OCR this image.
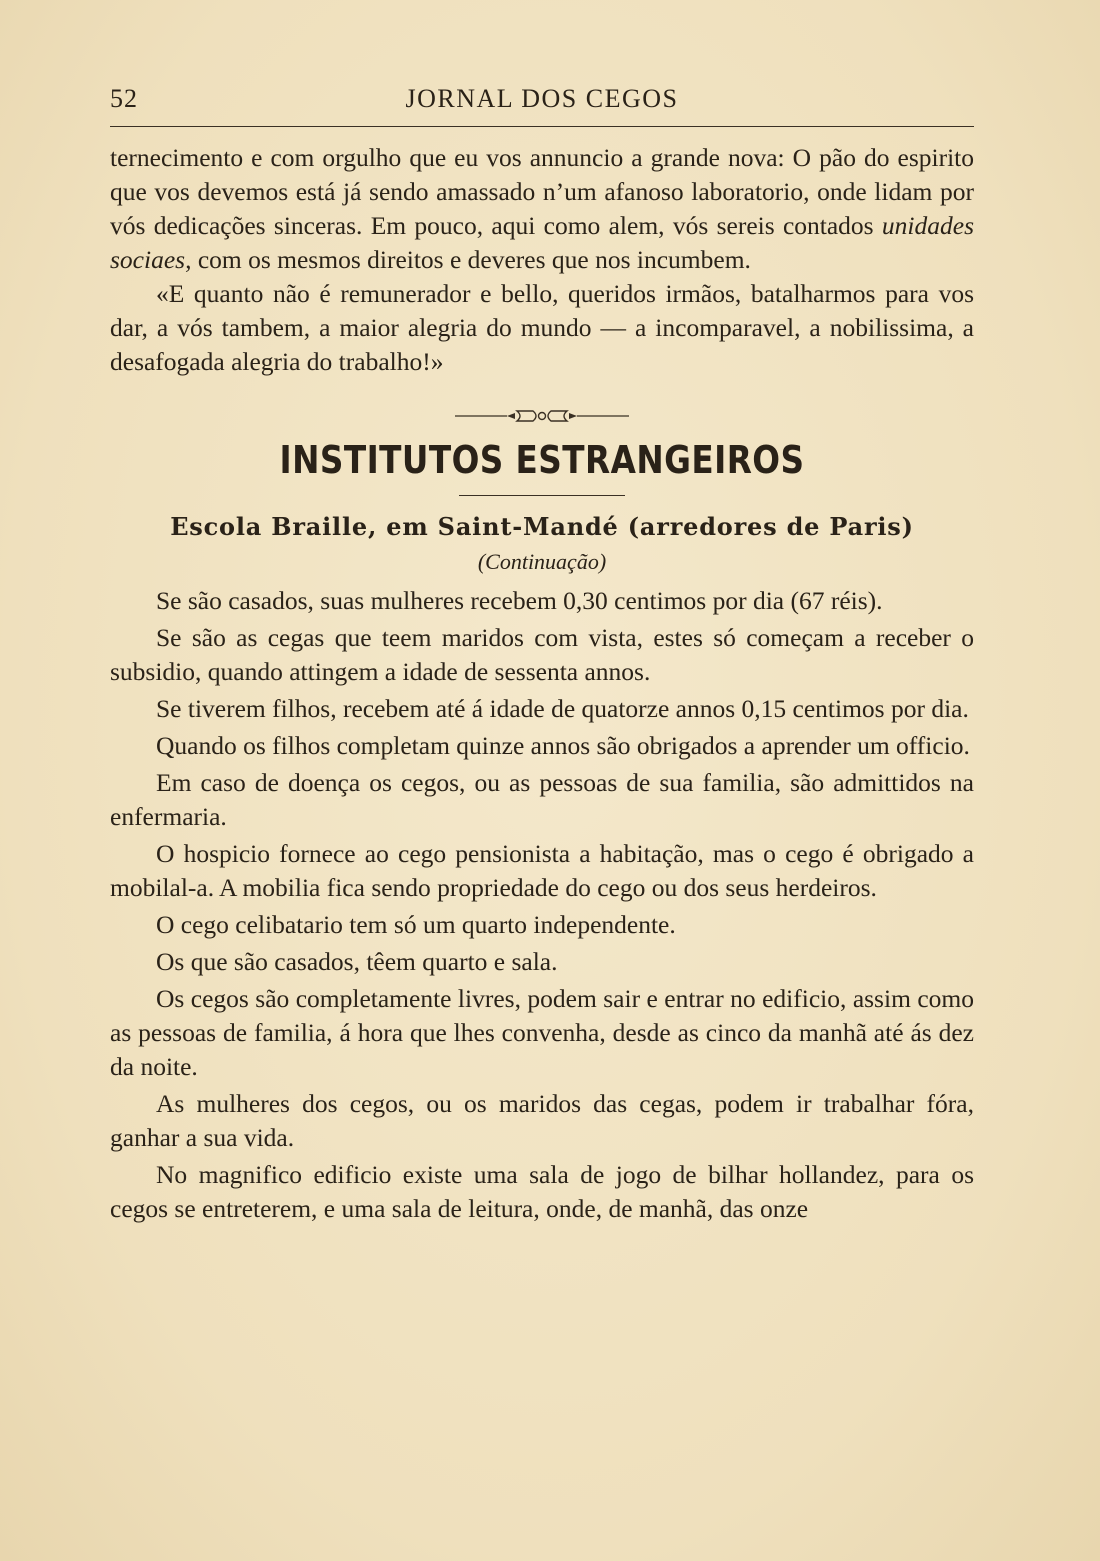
52	JORNAL DOS CEGOS

ternecimento e com orgulho que eu vos annuncio a grande nova: O pão do espirito que vos devemos está já sendo amassado n’um afanoso laboratorio, onde lidam por vós dedicações sinceras. Em pouco, aqui como alem, vós sereis contados unidades sociaes, com os mesmos direitos e deveres que nos incumbem.

«E quanto não é remunerador e bello, queridos irmãos, batalharmos para vos dar, a vós tambem, a maior alegria do mundo — a incomparavel, a nobilissima, a desafogada alegria do trabalho!»

INSTITUTOS ESTRANGEIROS
Escola Braille, em Saint-Mandé (arredores de Paris)
(Continuação)

Se são casados, suas mulheres recebem 0,30 centimos por dia (67 réis).

Se são as cegas que teem maridos com vista, estes só começam a receber o subsidio, quando attingem a idade de sessenta annos.

Se tiverem filhos, recebem até á idade de quatorze annos 0,15 centimos por dia.

Quando os filhos completam quinze annos são obrigados a aprender um officio.

Em caso de doença os cegos, ou as pessoas de sua familia, são admittidos na enfermaria.

O hospicio fornece ao cego pensionista a habitação, mas o cego é obrigado a mobilal-a. A mobilia fica sendo propriedade do cego ou dos seus herdeiros.

O cego celibatario tem só um quarto independente.

Os que são casados, têem quarto e sala.

Os cegos são completamente livres, podem sair e entrar no edificio, assim como as pessoas de familia, á hora que lhes convenha, desde as cinco da manhã até ás dez da noite.

As mulheres dos cegos, ou os maridos das cegas, podem ir trabalhar fóra, ganhar a sua vida.

No magnifico edificio existe uma sala de jogo de bilhar hollandez, para os cegos se entreterem, e uma sala de leitura, onde, de manhã, das onze
